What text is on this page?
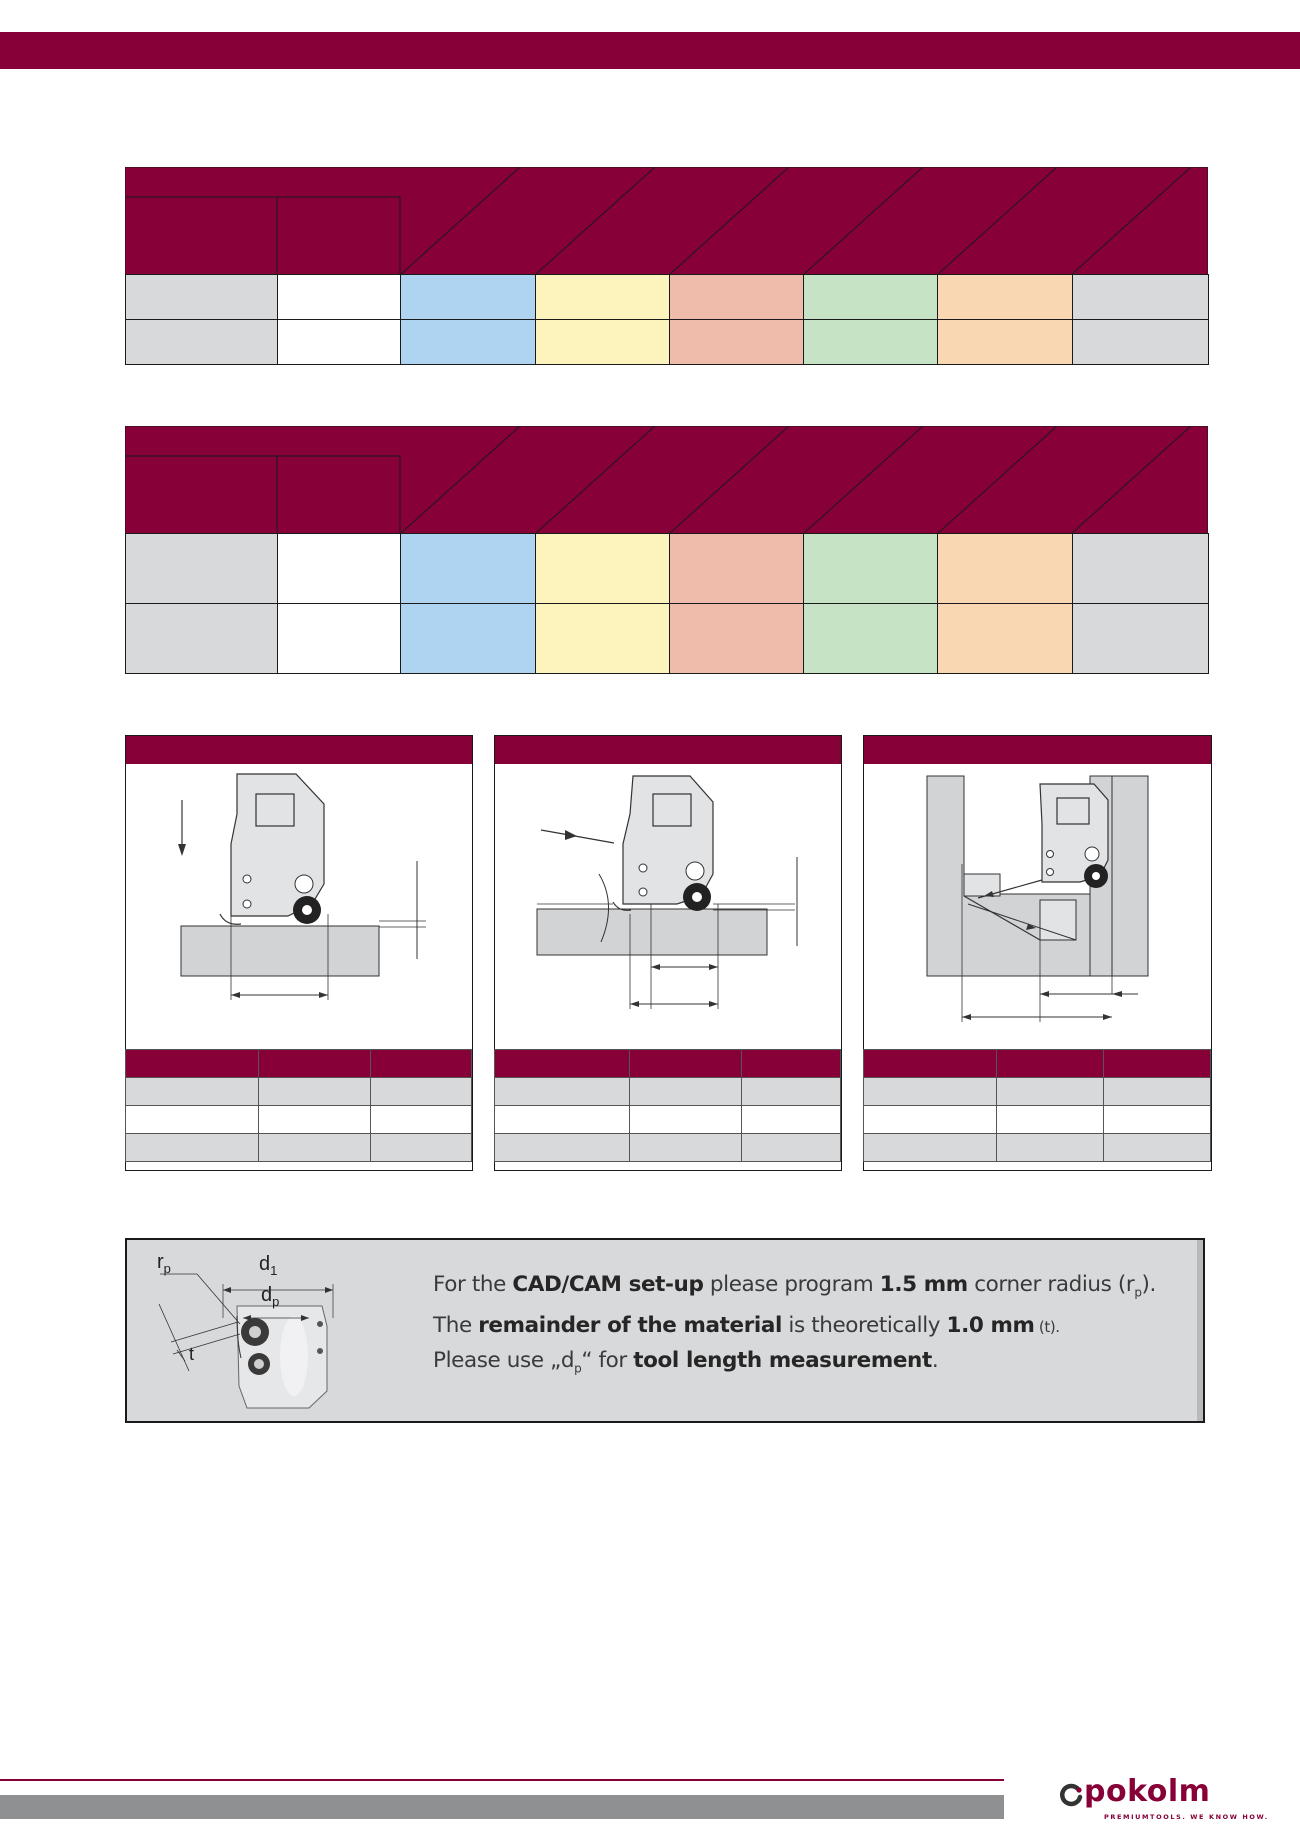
$r_p$	$d_1$
$d_p$
t
For the CAD/CAM set-up please program 1.5 mm corner radius $(r_p)$.
The remainder of the material is theoretically 1.0 mm (t).
Please use $„d_p“$ for tool length measurement.
pokolm
PREMIUMTOOLS. WE KNOW HOW.
